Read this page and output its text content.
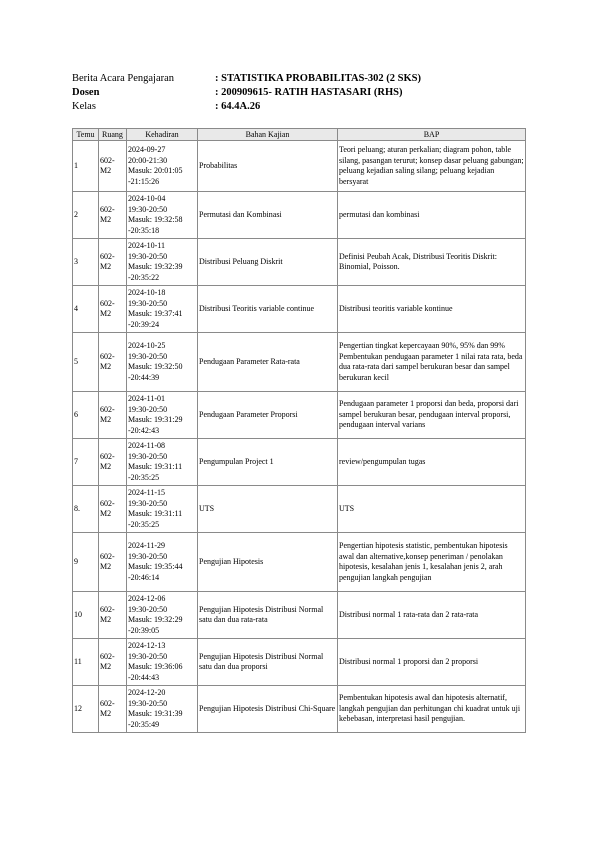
Berita Acara Pengajaran	: STATISTIKA PROBABILITAS-302 (2 SKS)
Dosen	: 200909615- RATIH HASTASARI (RHS)
Kelas	: 64.4A.26
Temu	Ruang	Kehadiran	Bahan Kajian	BAP
1	602-M2	2024-09-27
20:00-21:30
Masuk: 20:01:05
-21:15:26	Probabilitas	Teori peluang; aturan perkalian; diagram pohon, table silang, pasangan terurut; konsep dasar peluang gabungan; peluang kejadian saling silang; peluang kejadian bersyarat
2	602-M2	2024-10-04
19:30-20:50
Masuk: 19:32:58
-20:35:18	Permutasi dan Kombinasi	permutasi dan kombinasi
3	602-M2	2024-10-11
19:30-20:50
Masuk: 19:32:39
-20:35:22	Distribusi Peluang Diskrit	Definisi Peubah Acak, Distribusi Teoritis Diskrit: Binomial, Poisson.
4	602-M2	2024-10-18
19:30-20:50
Masuk: 19:37:41
-20:39:24	Distribusi Teoritis variable continue	Distribusi teoritis variable kontinue
5	602-M2	2024-10-25
19:30-20:50
Masuk: 19:32:50
-20:44:39	Pendugaan Parameter Rata-rata	Pengertian tingkat kepercayaan 90%, 95% dan 99% Pembentukan pendugaan parameter 1 nilai rata rata, beda dua rata-rata dari sampel berukuran besar dan sampel berukuran kecil
6	602-M2	2024-11-01
19:30-20:50
Masuk: 19:31:29
-20:42:43	Pendugaan Parameter Proporsi	Pendugaan parameter 1 proporsi dan beda, proporsi dari sampel berukuran besar, pendugaan interval proporsi, pendugaan interval varians
7	602-M2	2024-11-08
19:30-20:50
Masuk: 19:31:11
-20:35:25	Pengumpulan Project 1	review/pengumpulan tugas
8.	602-M2	2024-11-15
19:30-20:50
Masuk: 19:31:11
-20:35:25	UTS	UTS
9	602-M2	2024-11-29
19:30-20:50
Masuk: 19:35:44
-20:46:14	Pengujian Hipotesis	Pengertian hipotesis statistic, pembentukan hipotesis awal dan alternative,konsep peneriman / penolakan hipotesis, kesalahan jenis 1, kesalahan jenis 2, arah pengujian langkah pengujian
10	602-M2	2024-12-06
19:30-20:50
Masuk: 19:32:29
-20:39:05	Pengujian Hipotesis Distribusi Normal satu dan dua rata-rata	Distribusi normal 1 rata-rata dan 2 rata-rata
11	602-M2	2024-12-13
19:30-20:50
Masuk: 19:36:06
-20:44:43	Pengujian Hipotesis Distribusi Normal satu dan dua proporsi	Distribusi normal 1 proporsi dan 2 proporsi
12	602-M2	2024-12-20
19:30-20:50
Masuk: 19:31:39
-20:35:49	Pengujian Hipotesis Distribusi Chi-Square	Pembentukan hipotesis awal dan hipotesis alternatif, langkah pengujian dan perhitungan chi kuadrat untuk uji kebebasan, interpretasi hasil pengujian.
